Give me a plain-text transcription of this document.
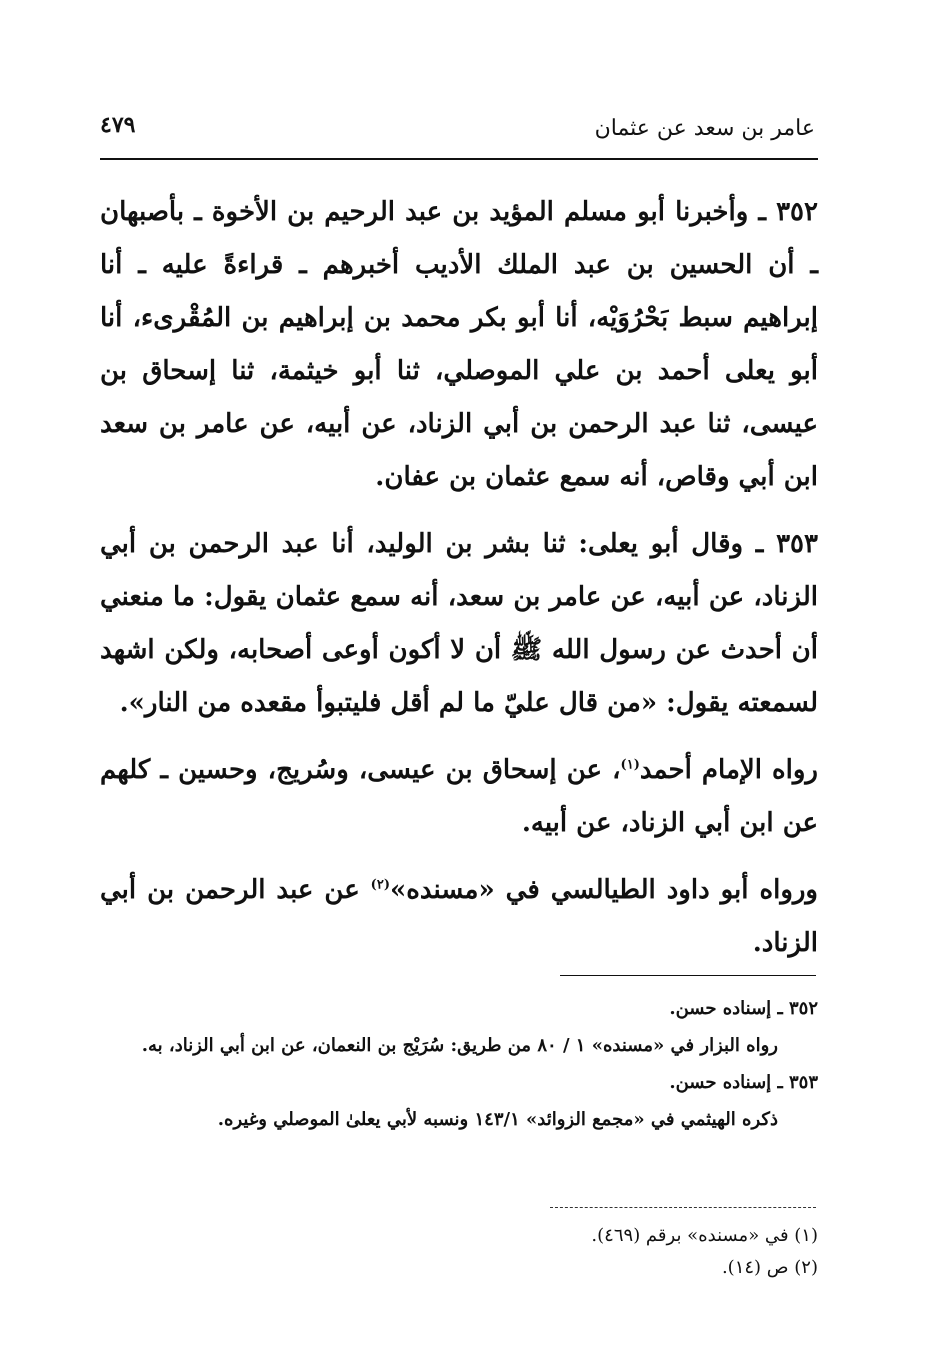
عامر بن سعد عن عثمان
٤٧٩

٣٥٢ ـ وأخبرنا أبو مسلم المؤيد بن عبد الرحيم بن الأخوة ـ بأصبهان ـ أن الحسين بن عبد الملك الأديب أخبرهم ـ قراءةً عليه ـ أنا إبراهيم سبط بَحْرُوَيْه، أنا أبو بكر محمد بن إبراهيم بن المُقْرىء، أنا أبو يعلى أحمد بن علي الموصلي، ثنا أبو خيثمة، ثنا إسحاق بن عيسى، ثنا عبد الرحمن بن أبي الزناد، عن أبيه، عن عامر بن سعد ابن أبي وقاص، أنه سمع عثمان بن عفان.

٣٥٣ ـ وقال أبو يعلى: ثنا بشر بن الوليد، أنا عبد الرحمن بن أبي الزناد، عن أبيه، عن عامر بن سعد، أنه سمع عثمان يقول: ما منعني أن أحدث عن رسول الله ﷺ أن لا أكون أوعى أصحابه، ولكن اشهد لسمعته يقول: «من قال عليّ ما لم أقل فليتبوأ مقعده من النار».

رواه الإمام أحمد$^{(١)}$، عن إسحاق بن عيسى، وسُريج، وحسين ـ كلهم عن ابن أبي الزناد، عن أبيه.

ورواه أبو داود الطيالسي في «مسنده»$^{(٢)}$ عن عبد الرحمن بن أبي الزناد.

٣٥٢ ـ إسناده حسن.

رواه البزار في «مسنده» ١ / ٨٠ من طريق: سُرَيْج بن النعمان، عن ابن أبي الزناد، به.

٣٥٣ ـ إسناده حسن.

ذكره الهيثمي في «مجمع الزوائد» ١٤٣/١ ونسبه لأبي يعلىٰ الموصلي وغيره.

(١) في «مسنده» برقم (٤٦٩).

(٢) ص (١٤).
